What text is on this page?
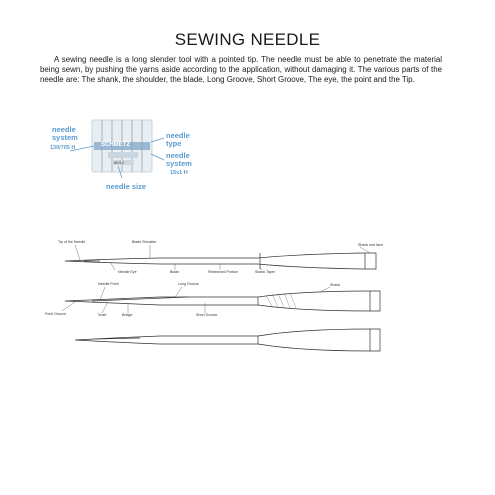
SEWING NEEDLE
A sewing needle is a long slender tool with a pointed tip. The needle must be able to penetrate the material being sewn, by pushing the yarns aside according to the application, without damaging it. The various parts of the needle are: The shank, the shoulder, the blade, Long Groove, Short Groove, The eye, the point and the Tip.
SCHMETZ
80/12
needle system
130/705 H
needle type
needle system
15x1 H
needle size
Tip of the Needle	Blade Shoulder
Shank end face
Needle Eye	Blade	Reinforced Portion	Shank Taper
Needle Point	Long Groove	Shank
Point Groove	Scarf	Bridge	Short Groove
